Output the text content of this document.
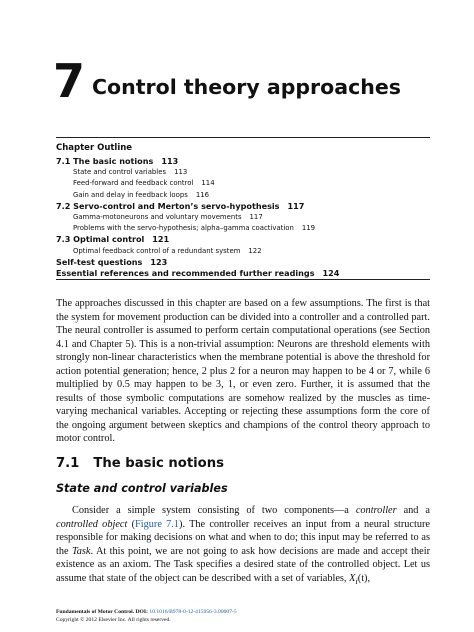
7 Control theory approaches
Chapter Outline
7.1 The basic notions 113
State and control variables 113
Feed-forward and feedback control 114
Gain and delay in feedback loops 116
7.2 Servo-control and Merton’s servo-hypothesis 117
Gamma-motoneurons and voluntary movements 117
Problems with the servo-hypothesis; alpha–gamma coactivation 119
7.3 Optimal control 121
Optimal feedback control of a redundant system 122
Self-test questions 123
Essential references and recommended further readings 124
The approaches discussed in this chapter are based on a few assumptions. The first is that the system for movement production can be divided into a controller and a controlled part. The neural controller is assumed to perform certain computational operations (see Section 4.1 and Chapter 5). This is a non-trivial assumption: Neurons are threshold elements with strongly non-linear characteristics when the membrane potential is above the threshold for action potential generation; hence, 2 plus 2 for a neuron may happen to be 4 or 7, while 6 multiplied by 0.5 may happen to be 3, 1, or even zero. Further, it is assumed that the results of those symbolic computations are somehow realized by the muscles as time-varying mechanical variables. Accepting or rejecting these assumptions form the core of the ongoing argument between skeptics and champions of the control theory approach to motor control.
7.1 The basic notions
State and control variables
Consider a simple system consisting of two components—a controller and a controlled object (Figure 7.1). The controller receives an input from a neural structure responsible for making decisions on what and when to do; this input may be referred to as the Task. At this point, we are not going to ask how decisions are made and accept their existence as an axiom. The Task specifies a desired state of the controlled object. Let us assume that state of the object can be described with a set of variables, $X_i(t)$,
Fundamentals of Motor Control. DOI: 10.1016/B978-0-12-415956-3.00007-5
Copyright © 2012 Elsevier Inc. All rights reserved.
